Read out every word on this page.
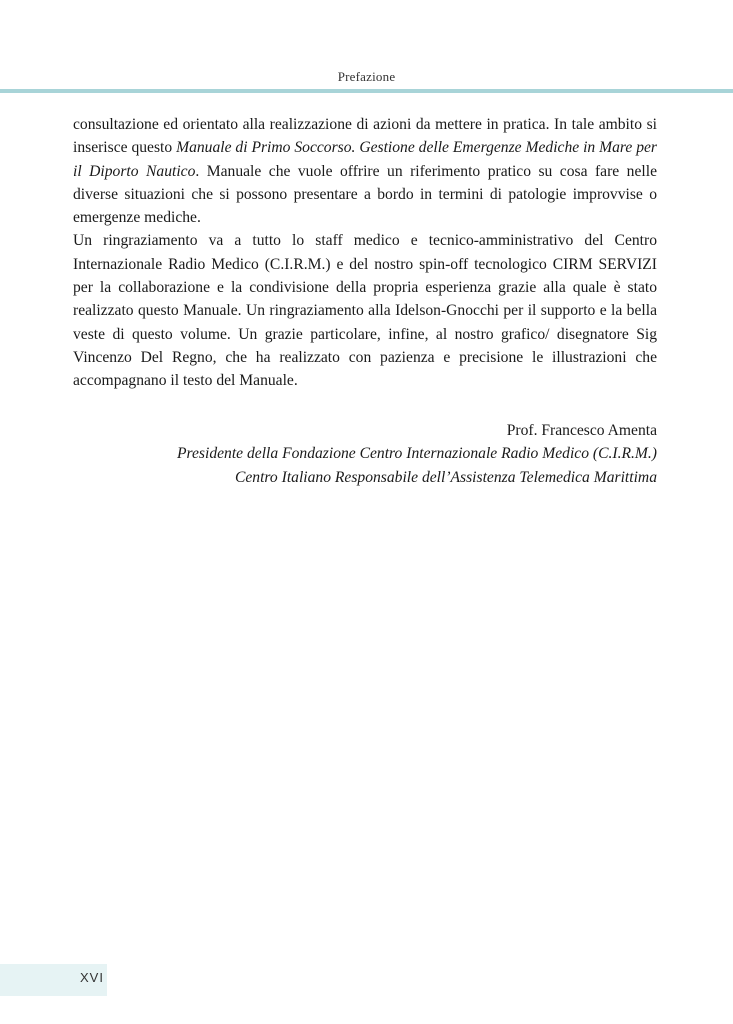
Prefazione

consultazione ed orientato alla realizzazione di azioni da mettere in pratica. In tale ambito si inserisce questo Manuale di Primo Soccorso. Gestione delle Emergenze Mediche in Mare per il Diporto Nautico. Manuale che vuole offrire un riferimento pratico su cosa fare nelle diverse situazioni che si possono presentare a bordo in termini di patologie improvvise o emergenze mediche.

Un ringraziamento va a tutto lo staff medico e tecnico-amministrativo del Centro Internazionale Radio Medico (C.I.R.M.) e del nostro spin-off tecnologico CIRM SERVIZI per la collaborazione e la condivisione della propria esperienza grazie alla quale è stato realizzato questo Manuale. Un ringraziamento alla Idelson-Gnocchi per il supporto e la bella veste di questo volume. Un grazie particolare, infine, al nostro grafico/ disegnatore Sig Vincenzo Del Regno, che ha realizzato con pazienza e precisione le illustrazioni che accompagnano il testo del Manuale.

Prof. Francesco Amenta
Presidente della Fondazione Centro Internazionale Radio Medico (C.I.R.M.)
Centro Italiano Responsabile dell’Assistenza Telemedica Marittima
XVI
